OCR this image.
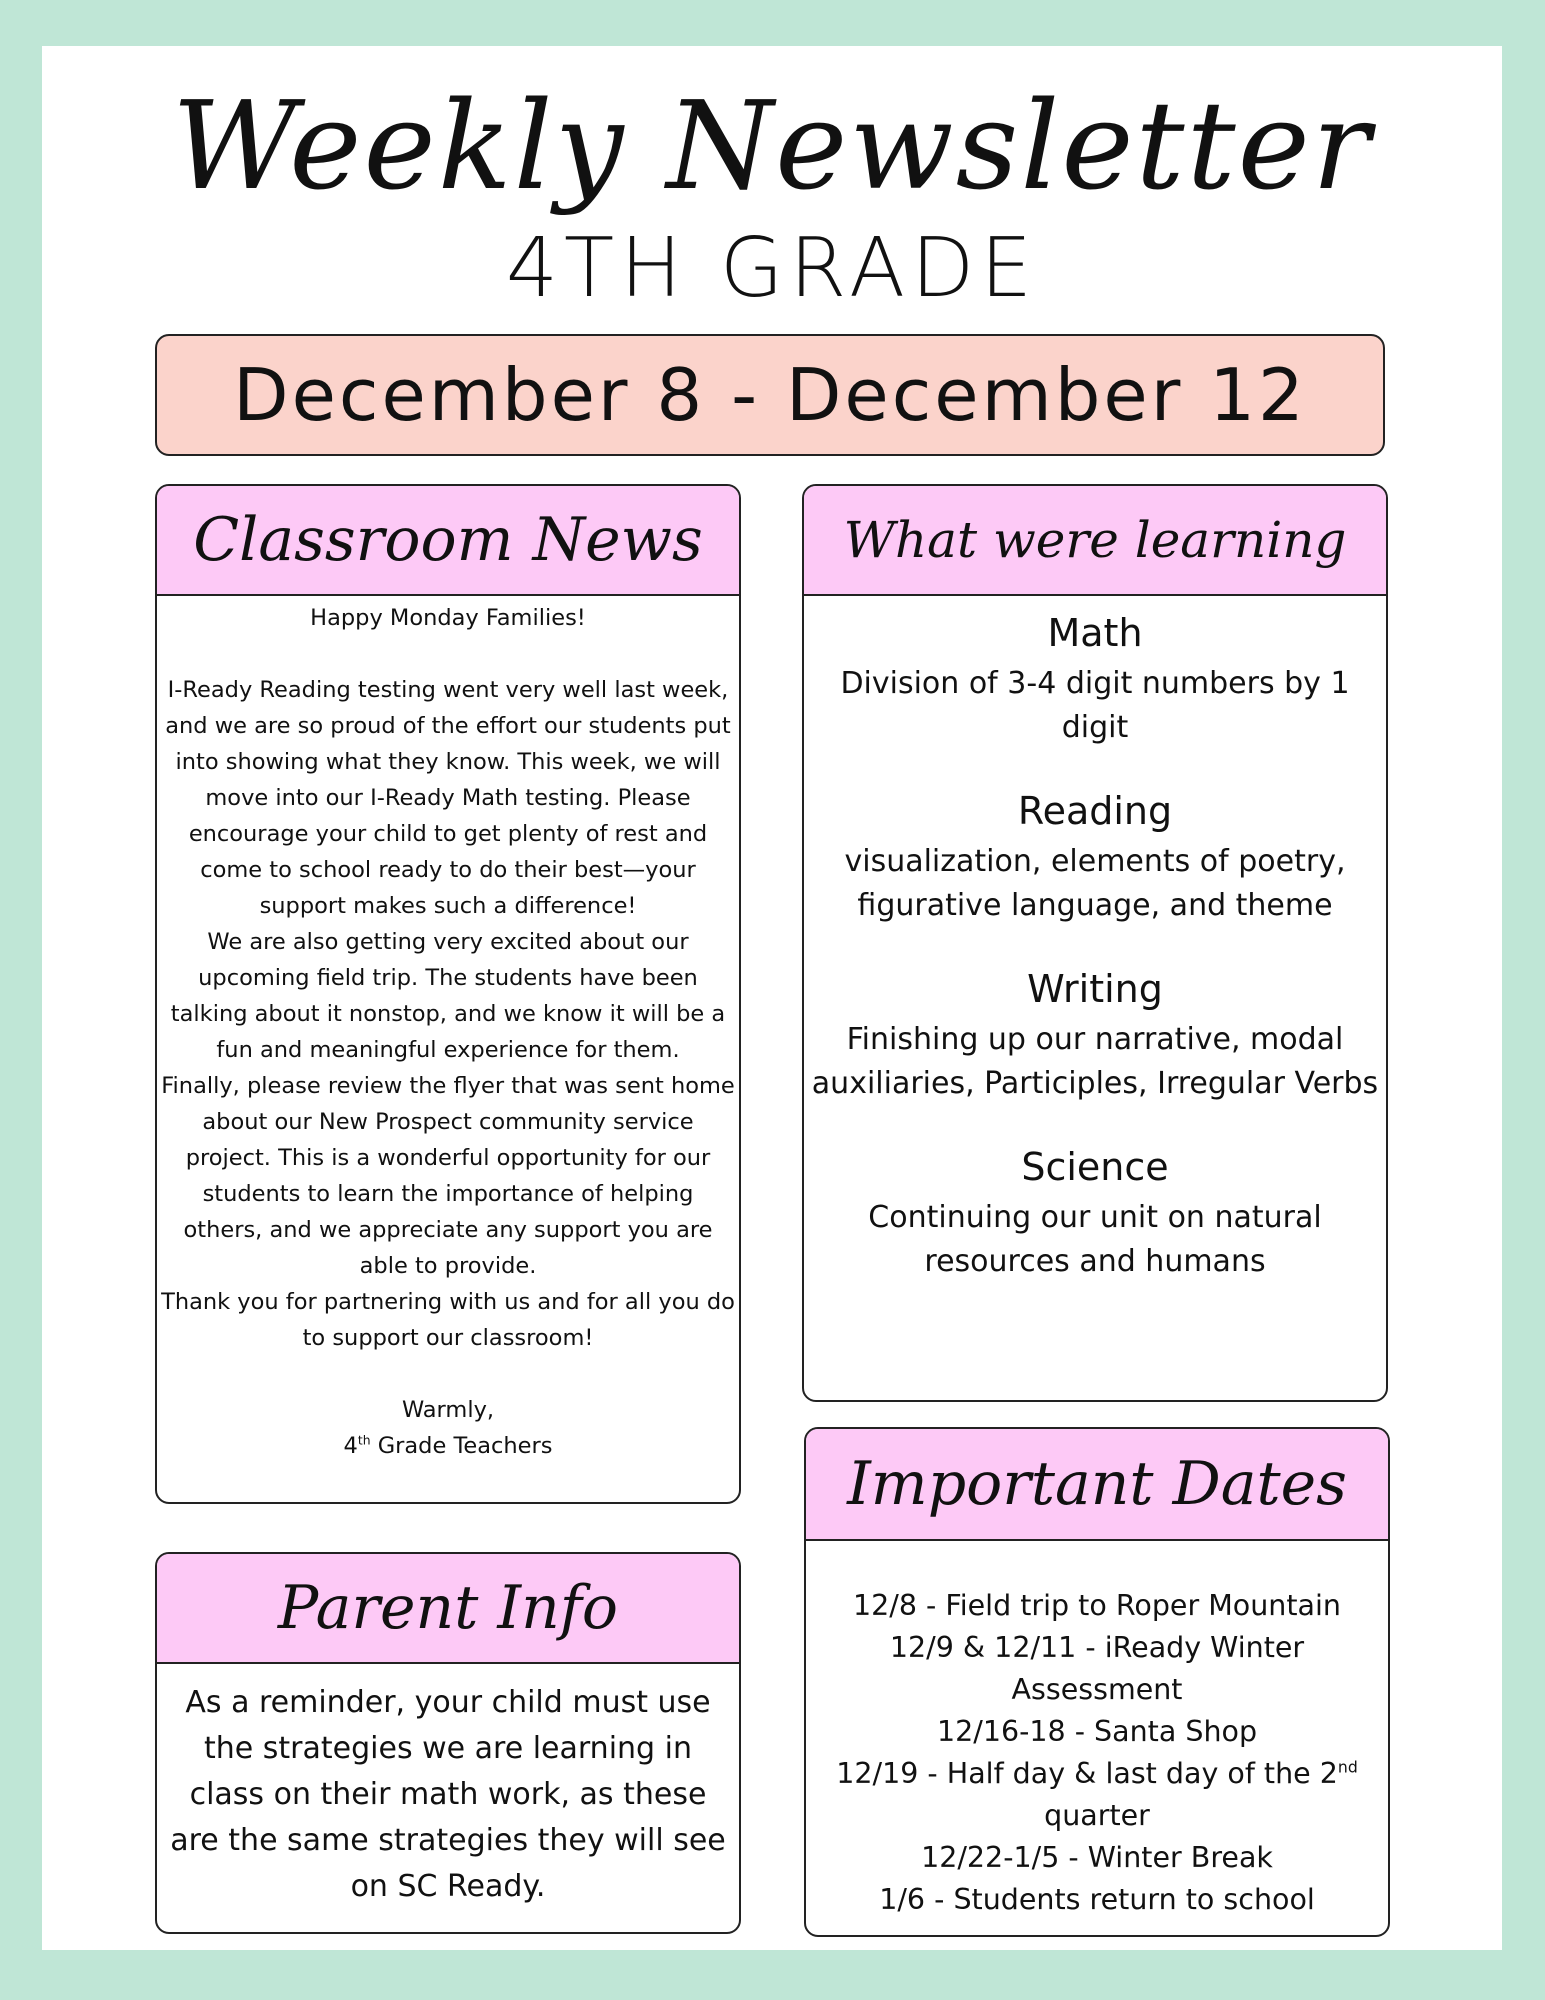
Weekly Newsletter
4TH GRADE
December 8 - December 12
Classroom News

Happy Monday Families!

I-Ready Reading testing went very well last week, and we are so proud of the effort our students put into showing what they know. This week, we will move into our I-Ready Math testing. Please encourage your child to get plenty of rest and come to school ready to do their best—your support makes such a difference!

We are also getting very excited about our upcoming field trip. The students have been talking about it nonstop, and we know it will be a fun and meaningful experience for them.

Finally, please review the flyer that was sent home about our New Prospect community service project. This is a wonderful opportunity for our students to learn the importance of helping others, and we appreciate any support you are able to provide.

Thank you for partnering with us and for all you do to support our classroom!

Warmly,

4th Grade Teachers

What were learning

Math

Division of 3-4 digit numbers by 1 digit

Reading

visualization, elements of poetry, figurative language, and theme

Writing

Finishing up our narrative, modal auxiliaries, Participles, Irregular Verbs

Science

Continuing our unit on natural resources and humans

Important Dates

12/8 - Field trip to Roper Mountain

12/9 & 12/11 - iReady Winter Assessment

12/16-18 - Santa Shop

12/19 - Half day & last day of the 2nd quarter

12/22-1/5 - Winter Break

1/6 - Students return to school

Parent Info
As a reminder, your child must use the strategies we are learning in class on their math work, as these are the same strategies they will see on SC Ready.
